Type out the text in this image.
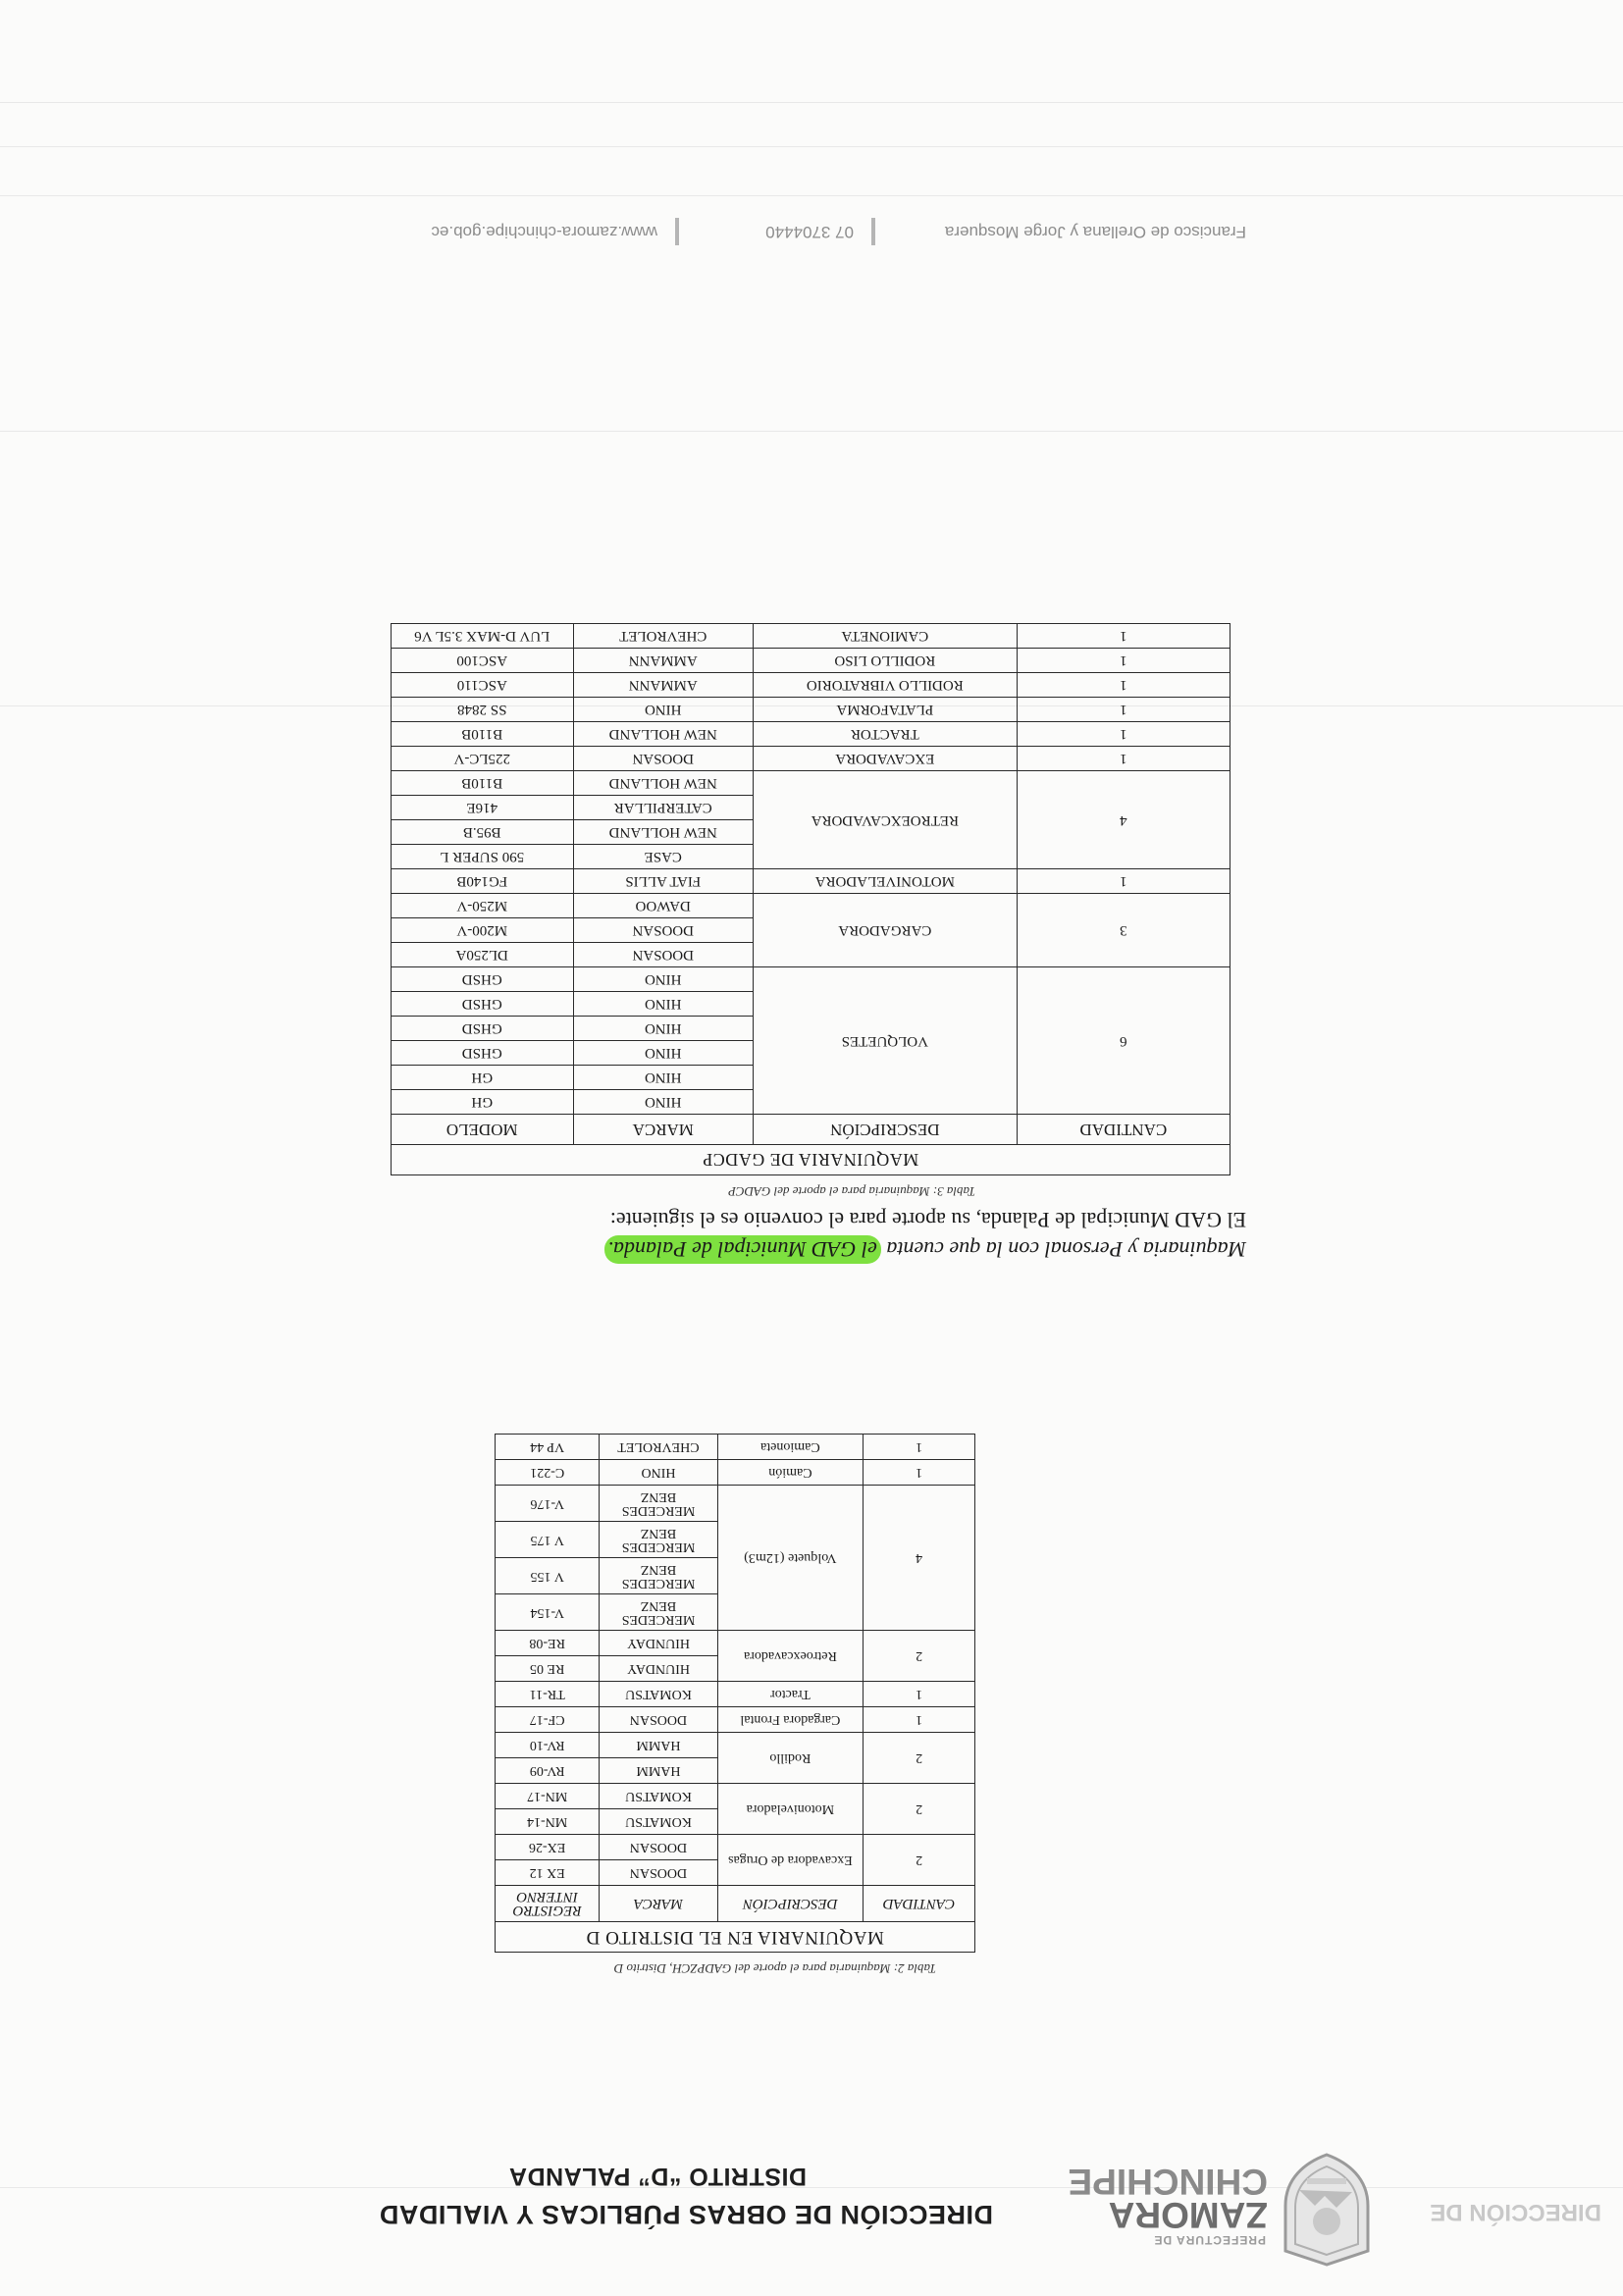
DIRECCIÓN DE
PREFECTURA DE
ZAMORA
CHINCHIPE
DIRECCIÓN DE OBRAS PÚBLICAS Y VIALIDAD
DISTRITO “D” PALANDA
Tabla 2: Maquinaria para el aporte del GADPZCH, Distrito D
MAQUINARIA EN EL DISTRITO D			
CANTIDAD	DESCRIPCIÓN	MARCA	REGISTRO INTERNO
2	Excavadora de Orugas	DOOSAN	EX 12
		DOOSAN	EX-26
2	Motoniveladora	KOMATSU	MN-14
		KOMATSU	MN-17
2	Rodillo	HAMM	RV-09
		HAMM	RV-10
1	Cargadora Frontal	DOOSAN	CF-17
1	Tractor	KOMATSU	TR-11
2	Retroexcavadora	HIUNDAY	RE 05
		HIUNDAY	RE-08
4	Volquete (12m3)	MERCEDES BENZ	V-154
		MERCEDES BENZ	V 155
		MERCEDES BENZ	V 175
		MERCEDES BENZ	V-176
1	Camión	HINO	C-221
1	Camioneta	CHEVROLET	VP 44
Maquinaria y Personal con la que cuenta el GAD Municipal de Palanda.
El GAD Municipal de Palanda, su aporte para el convenio es el siguiente:
Tabla 3: Maquinaria para el aporte del GADCP
MAQUINARIA DE GADCP			
CANTIDAD	DESCRIPCIÓN	MARCA	MODELO
6	VOLQUETES	HINO	GH
		HINO	GH
		HINO	GHSD
		HINO	GHSD
		HINO	GHSD
		HINO	GHSD
3	CARGADORA	DOOSAN	DL250A
		DOOSAN	M200-V
		DAWOO	M250-V
1	MOTONIVELADORA	FIAT ALLIS	FG140B
4	RETROEXCAVADORA	CASE	590 SUPER L
		NEW HOLLAND	B95.B
		CATERPILLAR	416E
		NEW HOLLAND	B110B
1	EXCAVADORA	DOOSAN	225LC-V
1	TRACTOR	NEW HOLLAND	B110B
1	PLATAFORMA	HINO	SS 2848
1	RODILLO VIBRATORIO	AMMANN	ASC110
1	RODILLO LISO	AMMANN	ASC100
1	CAMIONETA	CHEVROLET	LUV D-MAX 3.5L V6
Francisco de Orellana y Jorge Mosquera
07 3704440
www.zamora-chinchipe.gob.ec
